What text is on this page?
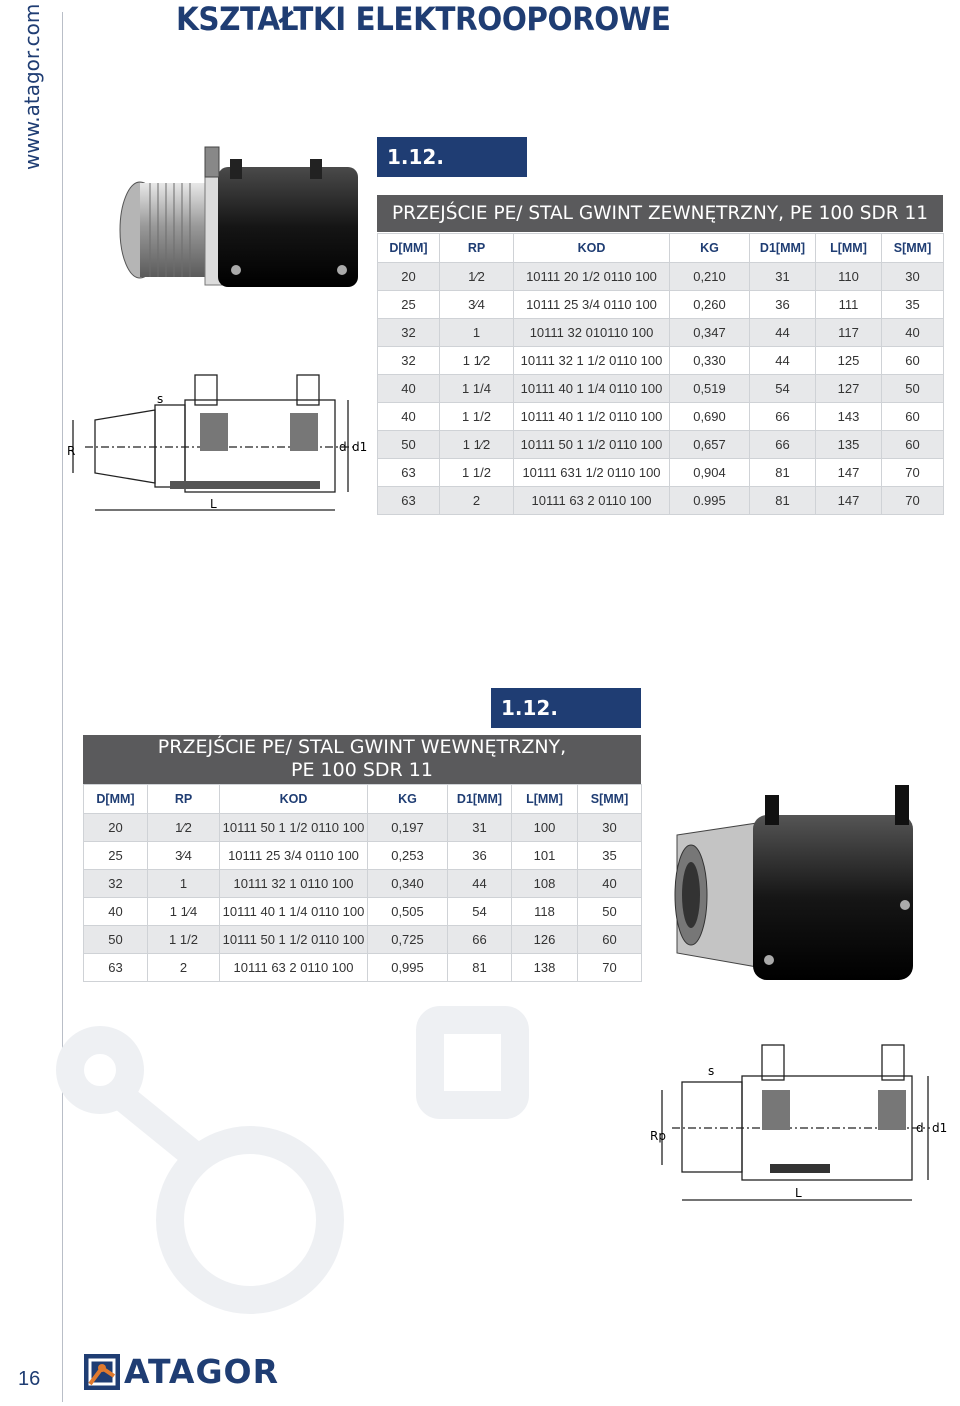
www.atagor.com	KSZTAŁTKI ELEKTROOPOROWE
1.12.
PRZEJŚCIE PE/ STAL GWINT ZEWNĘTRZNY, PE 100 SDR 11
D[MM]	RP	KOD	KG	D1[MM]	L[MM]	S[MM]
20	1⁄2	10111 20 1/2 0110 100	0,210	31	110	30
25	3⁄4	10111 25 3/4 0110 100	0,260	36	111	35
32	1	10111 32 010110 100	0,347	44	117	40
32	1 1⁄2	10111 32 1 1/2 0110 100	0,330	44	125	60
40	1 1/4	10111 40 1 1/4 0110 100	0,519	54	127	50
40	1 1/2	10111 40 1 1/2 0110 100	0,690	66	143	60
50	1 1⁄2	10111 50 1 1/2 0110 100	0,657	66	135	60
63	1 1/2	10111 631 1/2 0110 100	0,904	81	147	70
63	2	10111 63 2 0110 100	0.995	81	147	70
s
R	d d1
L
1.12.
PRZEJŚCIE PE/ STAL GWINT WEWNĘTRZNY,
PE 100 SDR 11
D[MM]	RP	KOD	KG	D1[MM]	L[MM]	S[MM]
20	1⁄2	10111 50 1 1/2 0110 100	0,197	31	100	30
25	3⁄4	10111 25 3/4 0110 100	0,253	36	101	35
32	1	10111 32 1 0110 100	0,340	44	108	40
40	1 1⁄4	10111 40 1 1/4 0110 100	0,505	54	118	50
50	1 1/2	10111 50 1 1/2 0110 100	0,725	66	126	60
63	2	10111 63 2 0110 100	0,995	81	138	70
s
Rp
d d1
L
16	ATAGOR
